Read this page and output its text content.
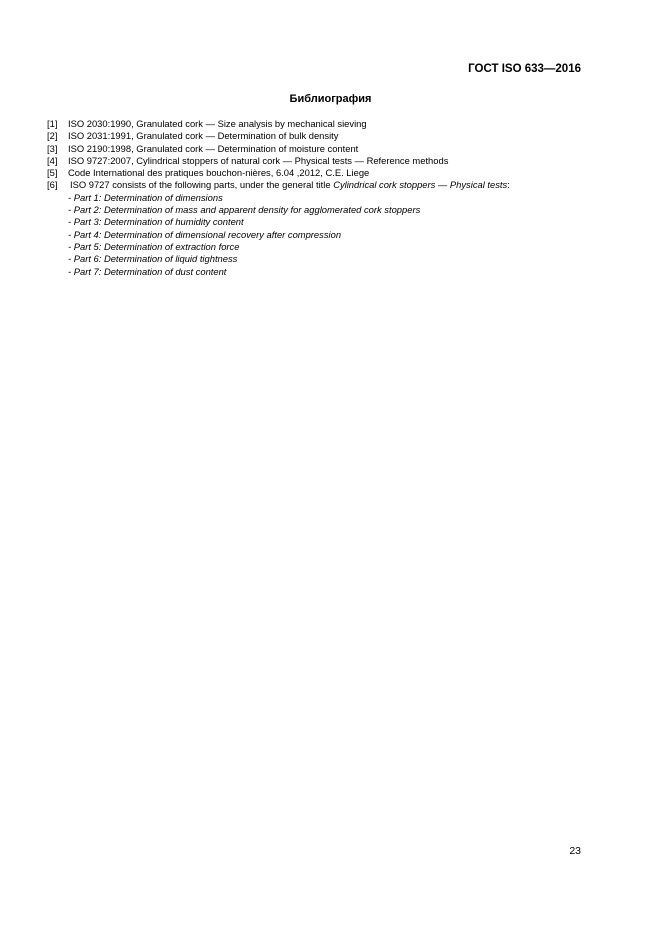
ГОСТ ISO 633—2016
Библиография
[1]	ISO 2030:1990, Granulated cork — Size analysis by mechanical sieving
[2]	ISO 2031:1991, Granulated cork — Determination of bulk density
[3]	ISO 2190:1998, Granulated cork — Determination of moisture content
[4]	ISO 9727:2007, Cylindrical stoppers of natural cork — Physical tests — Reference methods
[5]	Code International des pratiques bouchon-nières, 6.04 ,2012, C.E. Liege
[6]	ISO 9727 consists of the following parts, under the general title Cylindrical cork stoppers — Physical tests:
- Part 1: Determination of dimensions
- Part 2: Determination of mass and apparent density for agglomerated cork stoppers
- Part 3: Determination of humidity content
- Part 4: Determination of dimensional recovery after compression
- Part 5: Determination of extraction force
- Part 6: Determination of liquid tightness
- Part 7: Determination of dust content
23
